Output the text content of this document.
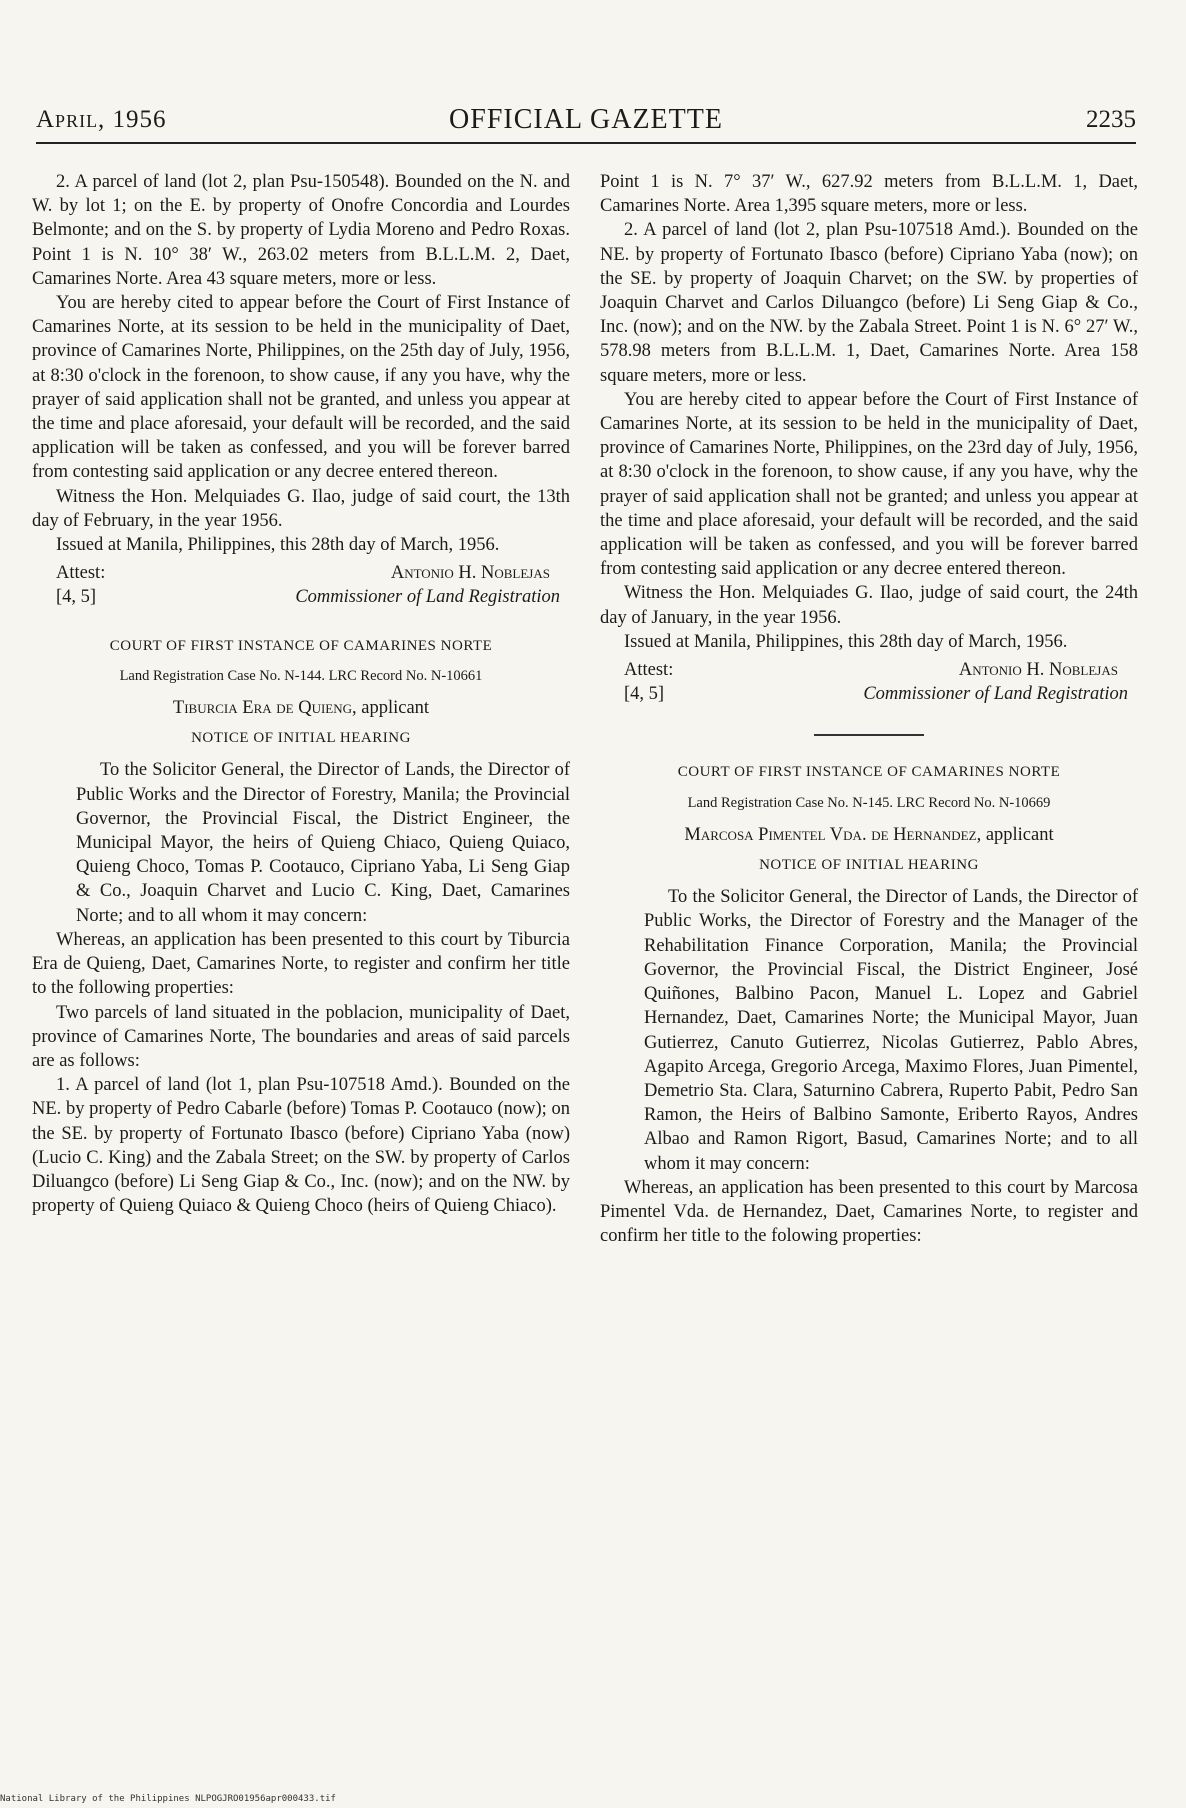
April, 1956	OFFICIAL GAZETTE	2235

2. A parcel of land (lot 2, plan Psu-150548). Bounded on the N. and W. by lot 1; on the E. by property of Onofre Concordia and Lourdes Belmonte; and on the S. by property of Lydia Moreno and Pedro Roxas. Point 1 is N. 10° 38′ W., 263.02 meters from B.L.L.M. 2, Daet, Camarines Norte. Area 43 square meters, more or less.

You are hereby cited to appear before the Court of First Instance of Camarines Norte, at its session to be held in the municipality of Daet, province of Camarines Norte, Philippines, on the 25th day of July, 1956, at 8:30 o'clock in the forenoon, to show cause, if any you have, why the prayer of said application shall not be granted, and unless you appear at the time and place aforesaid, your default will be recorded, and the said application will be taken as confessed, and you will be forever barred from contesting said application or any decree entered thereon.

Witness the Hon. Melquiades G. Ilao, judge of said court, the 13th day of February, in the year 1956.

Issued at Manila, Philippines, this 28th day of March, 1956.

Attest:	Antonio H. Noblejas
[4, 5]	Commissioner of Land Registration
COURT OF FIRST INSTANCE OF CAMARINES NORTE
Land Registration Case No. N-144. LRC Record No. N-10661
Tiburcia Era de Quieng, applicant
NOTICE OF INITIAL HEARING

To the Solicitor General, the Director of Lands, the Director of Public Works and the Director of Forestry, Manila; the Provincial Governor, the Provincial Fiscal, the District Engineer, the Municipal Mayor, the heirs of Quieng Chiaco, Quieng Quiaco, Quieng Choco, Tomas P. Cootauco, Cipriano Yaba, Li Seng Giap & Co., Joaquin Charvet and Lucio C. King, Daet, Camarines Norte; and to all whom it may concern:

Whereas, an application has been presented to this court by Tiburcia Era de Quieng, Daet, Camarines Norte, to register and confirm her title to the following properties:

Two parcels of land situated in the poblacion, municipality of Daet, province of Camarines Norte, The boundaries and areas of said parcels are as follows:

1. A parcel of land (lot 1, plan Psu-107518 Amd.). Bounded on the NE. by property of Pedro Cabarle (before) Tomas P. Cootauco (now); on the SE. by property of Fortunato Ibasco (before) Cipriano Yaba (now) (Lucio C. King) and the Zabala Street; on the SW. by property of Carlos Diluangco (before) Li Seng Giap & Co., Inc. (now); and on the NW. by property of Quieng Quiaco & Quieng Choco (heirs of Quieng Chiaco).

Point 1 is N. 7° 37′ W., 627.92 meters from B.L.L.M. 1, Daet, Camarines Norte. Area 1,395 square meters, more or less.

2. A parcel of land (lot 2, plan Psu-107518 Amd.). Bounded on the NE. by property of Fortunato Ibasco (before) Cipriano Yaba (now); on the SE. by property of Joaquin Charvet; on the SW. by properties of Joaquin Charvet and Carlos Diluangco (before) Li Seng Giap & Co., Inc. (now); and on the NW. by the Zabala Street. Point 1 is N. 6° 27′ W., 578.98 meters from B.L.L.M. 1, Daet, Camarines Norte. Area 158 square meters, more or less.

You are hereby cited to appear before the Court of First Instance of Camarines Norte, at its session to be held in the municipality of Daet, province of Camarines Norte, Philippines, on the 23rd day of July, 1956, at 8:30 o'clock in the forenoon, to show cause, if any you have, why the prayer of said application shall not be granted; and unless you appear at the time and place aforesaid, your default will be recorded, and the said application will be taken as confessed, and you will be forever barred from contesting said application or any decree entered thereon.

Witness the Hon. Melquiades G. Ilao, judge of said court, the 24th day of January, in the year 1956.

Issued at Manila, Philippines, this 28th day of March, 1956.

Attest:	Antonio H. Noblejas
[4, 5]	Commissioner of Land Registration
COURT OF FIRST INSTANCE OF CAMARINES NORTE
Land Registration Case No. N-145. LRC Record No. N-10669
Marcosa Pimentel Vda. de Hernandez, applicant
NOTICE OF INITIAL HEARING

To the Solicitor General, the Director of Lands, the Director of Public Works, the Director of Forestry and the Manager of the Rehabilitation Finance Corporation, Manila; the Provincial Governor, the Provincial Fiscal, the District Engineer, José Quiñones, Balbino Pacon, Manuel L. Lopez and Gabriel Hernandez, Daet, Camarines Norte; the Municipal Mayor, Juan Gutierrez, Canuto Gutierrez, Nicolas Gutierrez, Pablo Abres, Agapito Arcega, Gregorio Arcega, Maximo Flores, Juan Pimentel, Demetrio Sta. Clara, Saturnino Cabrera, Ruperto Pabit, Pedro San Ramon, the Heirs of Balbino Samonte, Eriberto Rayos, Andres Albao and Ramon Rigort, Basud, Camarines Norte; and to all whom it may concern:

Whereas, an application has been presented to this court by Marcosa Pimentel Vda. de Hernandez, Daet, Camarines Norte, to register and confirm her title to the folowing properties:

National Library of the Philippines NLPOGJRO01956apr000433.tif
